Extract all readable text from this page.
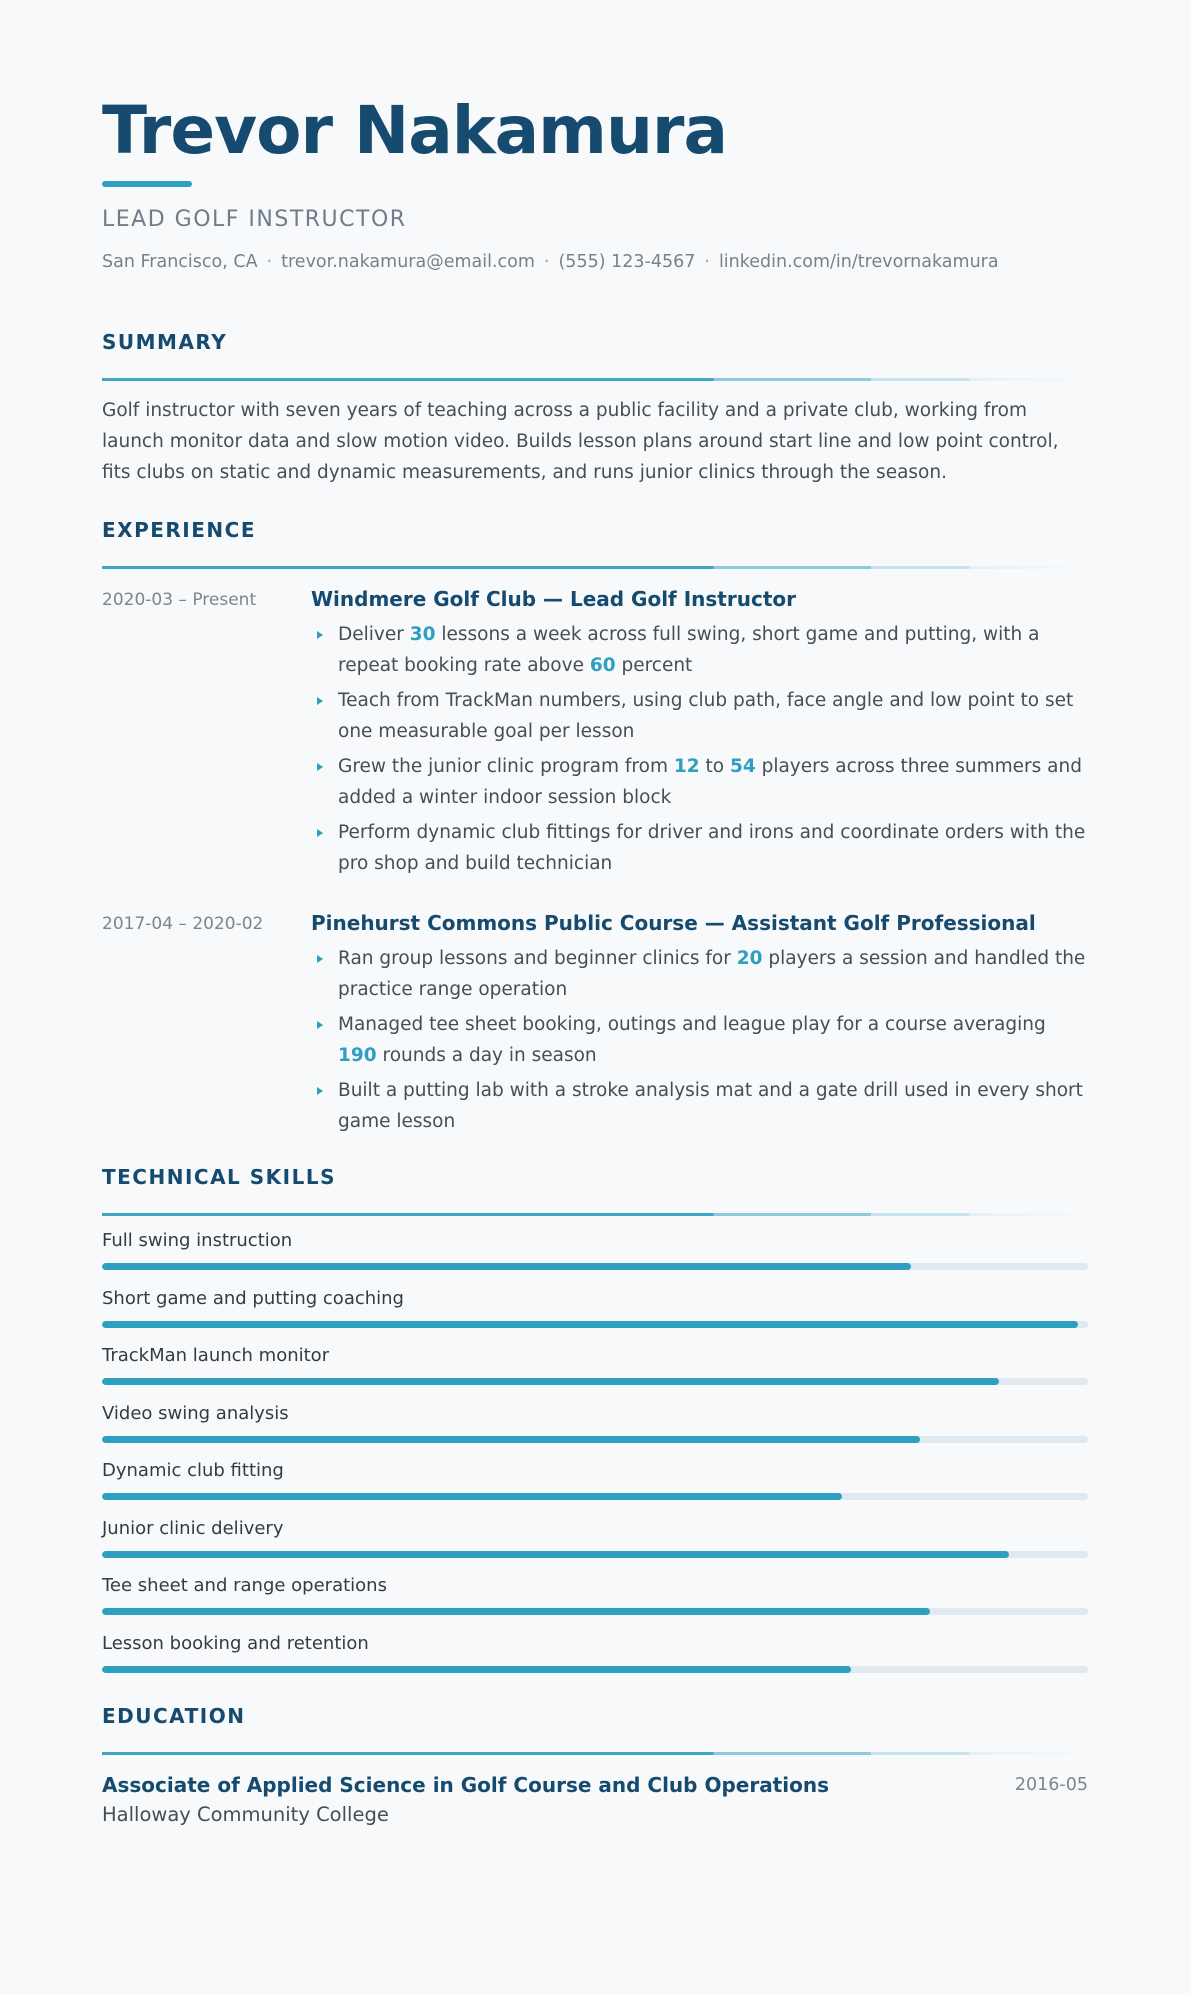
Trevor Nakamura
LEAD GOLF INSTRUCTOR
San Francisco, CA · trevor.nakamura@email.com · (555) 123-4567 · linkedin.com/in/trevornakamura
SUMMARY

Golf instructor with seven years of teaching across a public facility and a private club, working from launch monitor data and slow motion video. Builds lesson plans around start line and low point control, fits clubs on static and dynamic measurements, and runs junior clinics through the season.

EXPERIENCE
2020-03 – Present	Windmere Golf Club — Lead Golf Instructor
Deliver 30 lessons a week across full swing, short game and putting, with a repeat booking rate above 60 percent
Teach from TrackMan numbers, using club path, face angle and low point to set one measurable goal per lesson
Grew the junior clinic program from 12 to 54 players across three summers and added a winter indoor session block
Perform dynamic club fittings for driver and irons and coordinate orders with the pro shop and build technician
2017-04 – 2020-02	Pinehurst Commons Public Course — Assistant Golf Professional
Ran group lessons and beginner clinics for 20 players a session and handled the practice range operation
Managed tee sheet booking, outings and league play for a course averaging 190 rounds a day in season
Built a putting lab with a stroke analysis mat and a gate drill used in every short game lesson
TECHNICAL SKILLS
Full swing instruction
Short game and putting coaching
TrackMan launch monitor
Video swing analysis
Dynamic club fitting
Junior clinic delivery
Tee sheet and range operations
Lesson booking and retention
EDUCATION
Associate of Applied Science in Golf Course and Club Operations	2016-05
Halloway Community College
